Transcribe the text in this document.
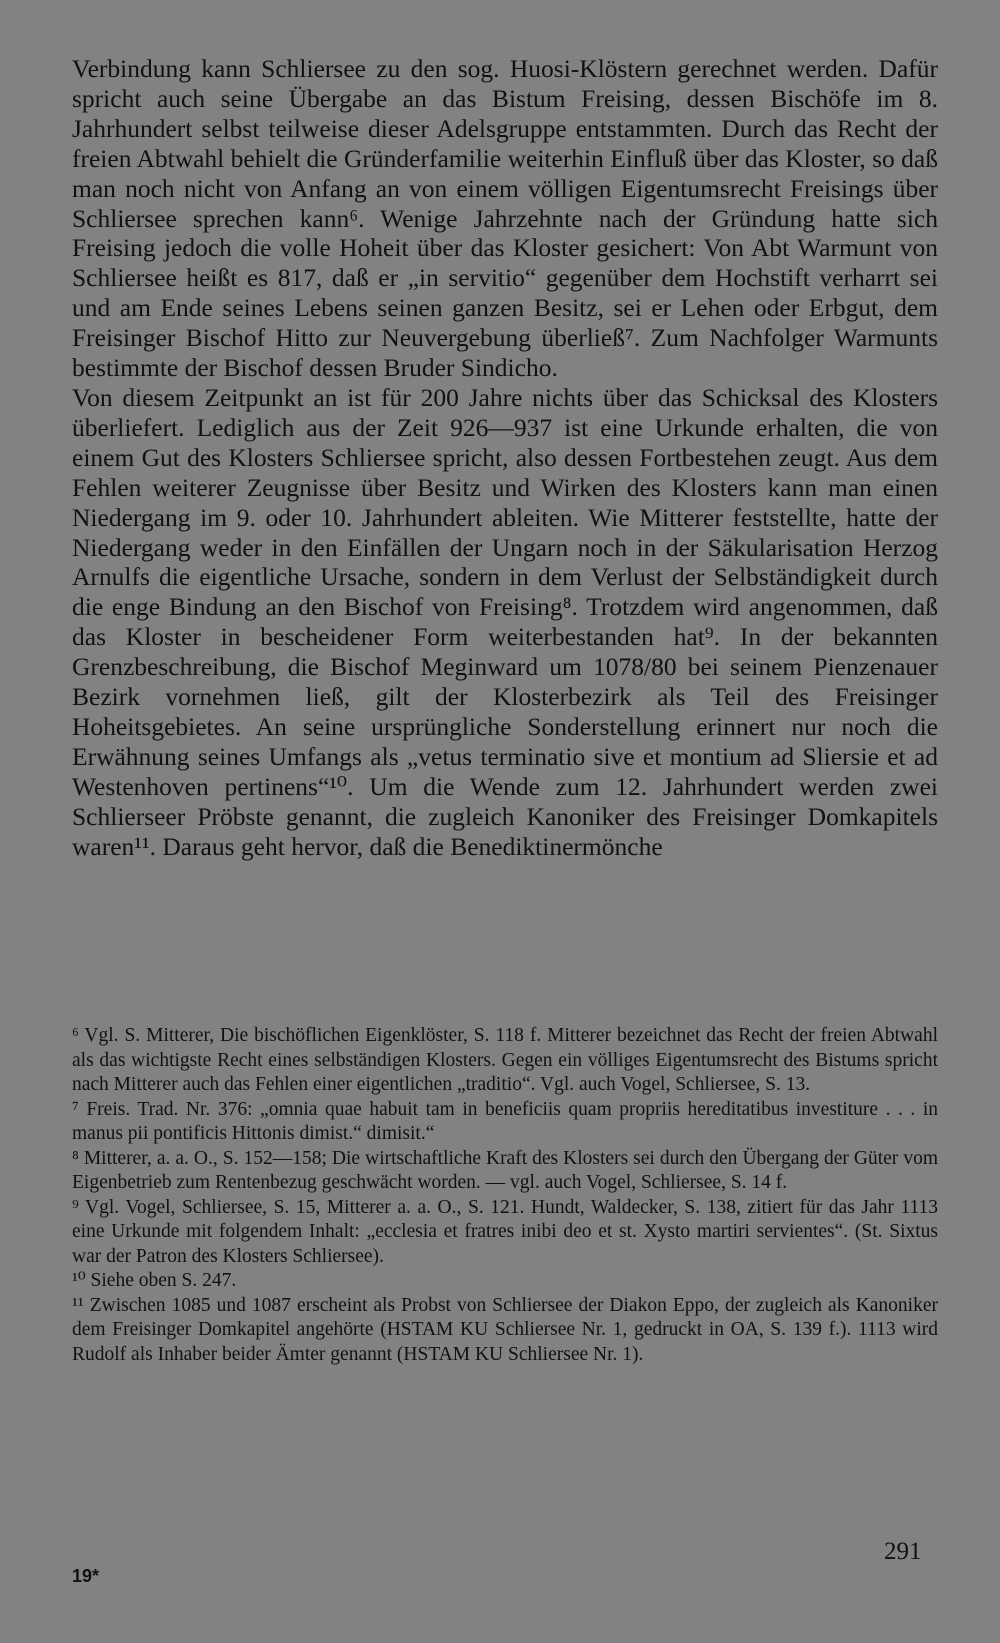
Verbindung kann Schliersee zu den sog. Huosi-Klöstern gerechnet werden. Dafür spricht auch seine Übergabe an das Bistum Freising, dessen Bischöfe im 8. Jahrhundert selbst teilweise dieser Adelsgruppe entstammten. Durch das Recht der freien Abtwahl behielt die Gründerfamilie weiterhin Einfluß über das Kloster, so daß man noch nicht von Anfang an von einem völligen Eigentumsrecht Freisings über Schliersee sprechen kann⁶. Wenige Jahrzehnte nach der Gründung hatte sich Freising jedoch die volle Hoheit über das Kloster gesichert: Von Abt Warmunt von Schliersee heißt es 817, daß er „in servitio“ gegenüber dem Hochstift verharrt sei und am Ende seines Lebens seinen ganzen Besitz, sei er Lehen oder Erbgut, dem Freisinger Bischof Hitto zur Neuvergebung überließ⁷. Zum Nachfolger Warmunts bestimmte der Bischof dessen Bruder Sindicho.

Von diesem Zeitpunkt an ist für 200 Jahre nichts über das Schicksal des Klosters überliefert. Lediglich aus der Zeit 926—937 ist eine Urkunde erhalten, die von einem Gut des Klosters Schliersee spricht, also dessen Fortbestehen zeugt. Aus dem Fehlen weiterer Zeugnisse über Besitz und Wirken des Klosters kann man einen Niedergang im 9. oder 10. Jahrhundert ableiten. Wie Mitterer feststellte, hatte der Niedergang weder in den Einfällen der Ungarn noch in der Säkularisation Herzog Arnulfs die eigentliche Ursache, sondern in dem Verlust der Selbständigkeit durch die enge Bindung an den Bischof von Freising⁸. Trotzdem wird angenommen, daß das Kloster in bescheidener Form weiterbestanden hat⁹. In der bekannten Grenzbeschreibung, die Bischof Meginward um 1078/80 bei seinem Pienzenauer Bezirk vornehmen ließ, gilt der Klosterbezirk als Teil des Freisinger Hoheitsgebietes. An seine ursprüngliche Sonderstellung erinnert nur noch die Erwähnung seines Umfangs als „vetus terminatio sive et montium ad Sliersie et ad Westenhoven pertinens“¹⁰. Um die Wende zum 12. Jahrhundert werden zwei Schlierseer Pröbste genannt, die zugleich Kanoniker des Freisinger Domkapitels waren¹¹. Daraus geht hervor, daß die Benediktinermönche

⁶ Vgl. S. Mitterer, Die bischöflichen Eigenklöster, S. 118 f. Mitterer bezeichnet das Recht der freien Abtwahl als das wichtigste Recht eines selbständigen Klosters. Gegen ein völliges Eigentumsrecht des Bistums spricht nach Mitterer auch das Fehlen einer eigentlichen „traditio“. Vgl. auch Vogel, Schliersee, S. 13.

⁷ Freis. Trad. Nr. 376: „omnia quae habuit tam in beneficiis quam propriis hereditatibus investiture . . . in manus pii pontificis Hittonis dimist.“ dimisit.“

⁸ Mitterer, a. a. O., S. 152—158; Die wirtschaftliche Kraft des Klosters sei durch den Übergang der Güter vom Eigenbetrieb zum Rentenbezug geschwächt worden. — vgl. auch Vogel, Schliersee, S. 14 f.

⁹ Vgl. Vogel, Schliersee, S. 15, Mitterer a. a. O., S. 121. Hundt, Waldecker, S. 138, zitiert für das Jahr 1113 eine Urkunde mit folgendem Inhalt: „ecclesia et fratres inibi deo et st. Xysto martiri servientes“. (St. Sixtus war der Patron des Klosters Schliersee).

¹⁰ Siehe oben S. 247.

¹¹ Zwischen 1085 und 1087 erscheint als Probst von Schliersee der Diakon Eppo, der zugleich als Kanoniker dem Freisinger Domkapitel angehörte (HSTAM KU Schliersee Nr. 1, gedruckt in OA, S. 139 f.). 1113 wird Rudolf als Inhaber beider Ämter genannt (HSTAM KU Schliersee Nr. 1).

291
19*
